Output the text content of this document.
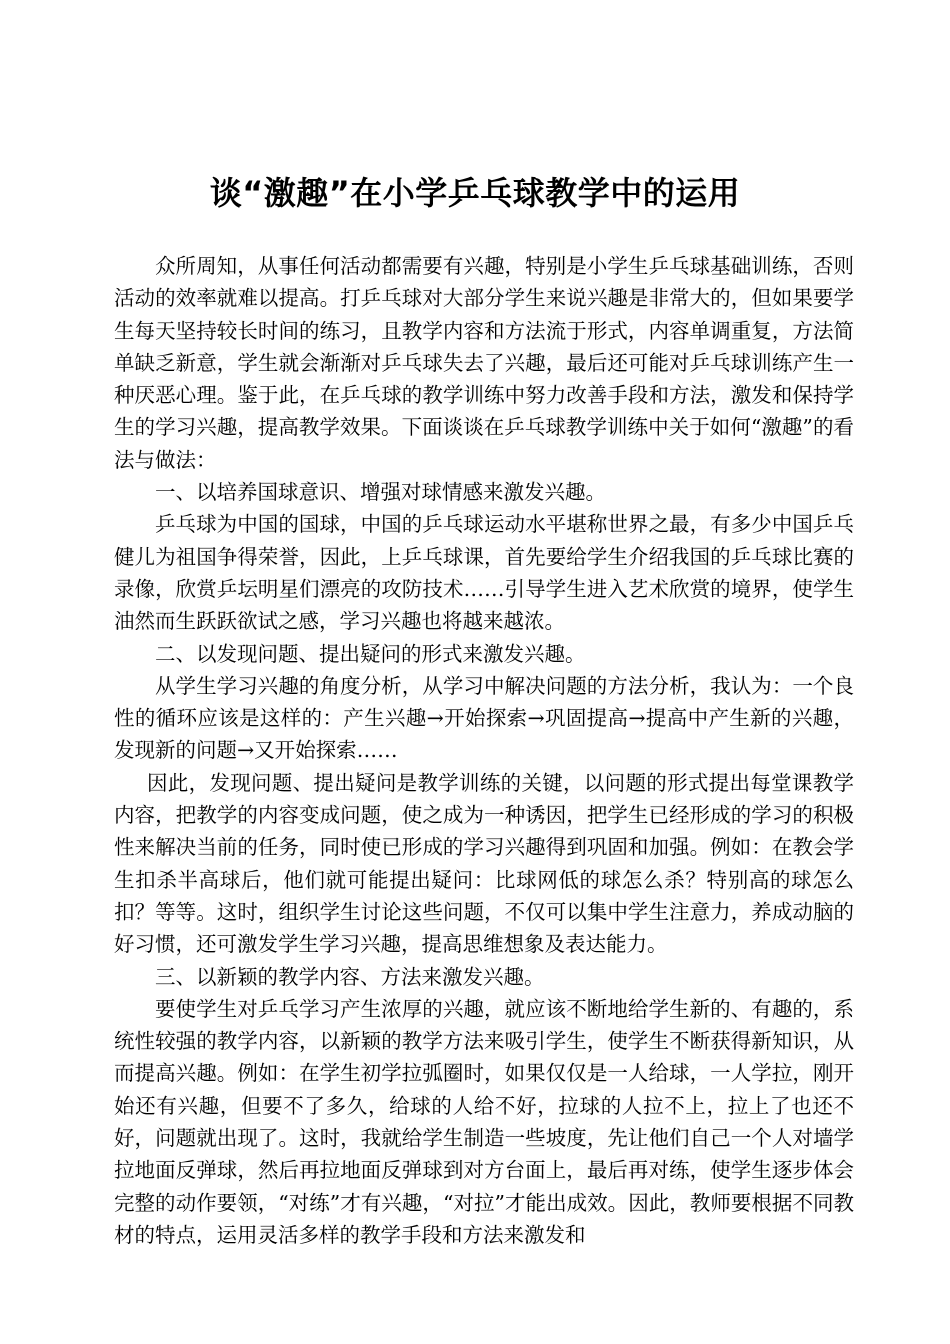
谈“激趣”在小学乒乓球教学中的运用

众所周知，从事任何活动都需要有兴趣，特别是小学生乒乓球基础训练，否则活动的效率就难以提高。打乒乓球对大部分学生来说兴趣是非常大的，但如果要学生每天坚持较长时间的练习，且教学内容和方法流于形式，内容单调重复，方法简单缺乏新意，学生就会渐渐对乒乓球失去了兴趣，最后还可能对乒乓球训练产生一种厌恶心理。鉴于此，在乒乓球的教学训练中努力改善手段和方法，激发和保持学生的学习兴趣，提高教学效果。下面谈谈在乒乓球教学训练中关于如何“激趣”的看法与做法：

一、以培养国球意识、增强对球情感来激发兴趣。

乒乓球为中国的国球，中国的乒乓球运动水平堪称世界之最，有多少中国乒乓健儿为祖国争得荣誉，因此，上乒乓球课，首先要给学生介绍我国的乒乓球比赛的录像，欣赏乒坛明星们漂亮的攻防技术……引导学生进入艺术欣赏的境界，使学生油然而生跃跃欲试之感，学习兴趣也将越来越浓。

二、以发现问题、提出疑问的形式来激发兴趣。

从学生学习兴趣的角度分析，从学习中解决问题的方法分析，我认为：一个良性的循环应该是这样的：产生兴趣→开始探索→巩固提高→提高中产生新的兴趣，发现新的问题→又开始探索……

因此，发现问题、提出疑问是教学训练的关键，以问题的形式提出每堂课教学内容，把教学的内容变成问题，使之成为一种诱因，把学生已经形成的学习的积极性来解决当前的任务，同时使已形成的学习兴趣得到巩固和加强。例如：在教会学生扣杀半高球后，他们就可能提出疑问：比球网低的球怎么杀？特别高的球怎么扣？等等。这时，组织学生讨论这些问题，不仅可以集中学生注意力，养成动脑的好习惯，还可激发学生学习兴趣，提高思维想象及表达能力。

三、以新颖的教学内容、方法来激发兴趣。

要使学生对乒乓学习产生浓厚的兴趣，就应该不断地给学生新的、有趣的，系统性较强的教学内容，以新颖的教学方法来吸引学生，使学生不断获得新知识，从而提高兴趣。例如：在学生初学拉弧圈时，如果仅仅是一人给球，一人学拉，刚开始还有兴趣，但要不了多久，给球的人给不好，拉球的人拉不上，拉上了也还不好，问题就出现了。这时，我就给学生制造一些坡度，先让他们自己一个人对墙学拉地面反弹球，然后再拉地面反弹球到对方台面上，最后再对练，使学生逐步体会完整的动作要领，“对练”才有兴趣，“对拉”才能出成效。因此，教师要根据不同教材的特点，运用灵活多样的教学手段和方法来激发和
